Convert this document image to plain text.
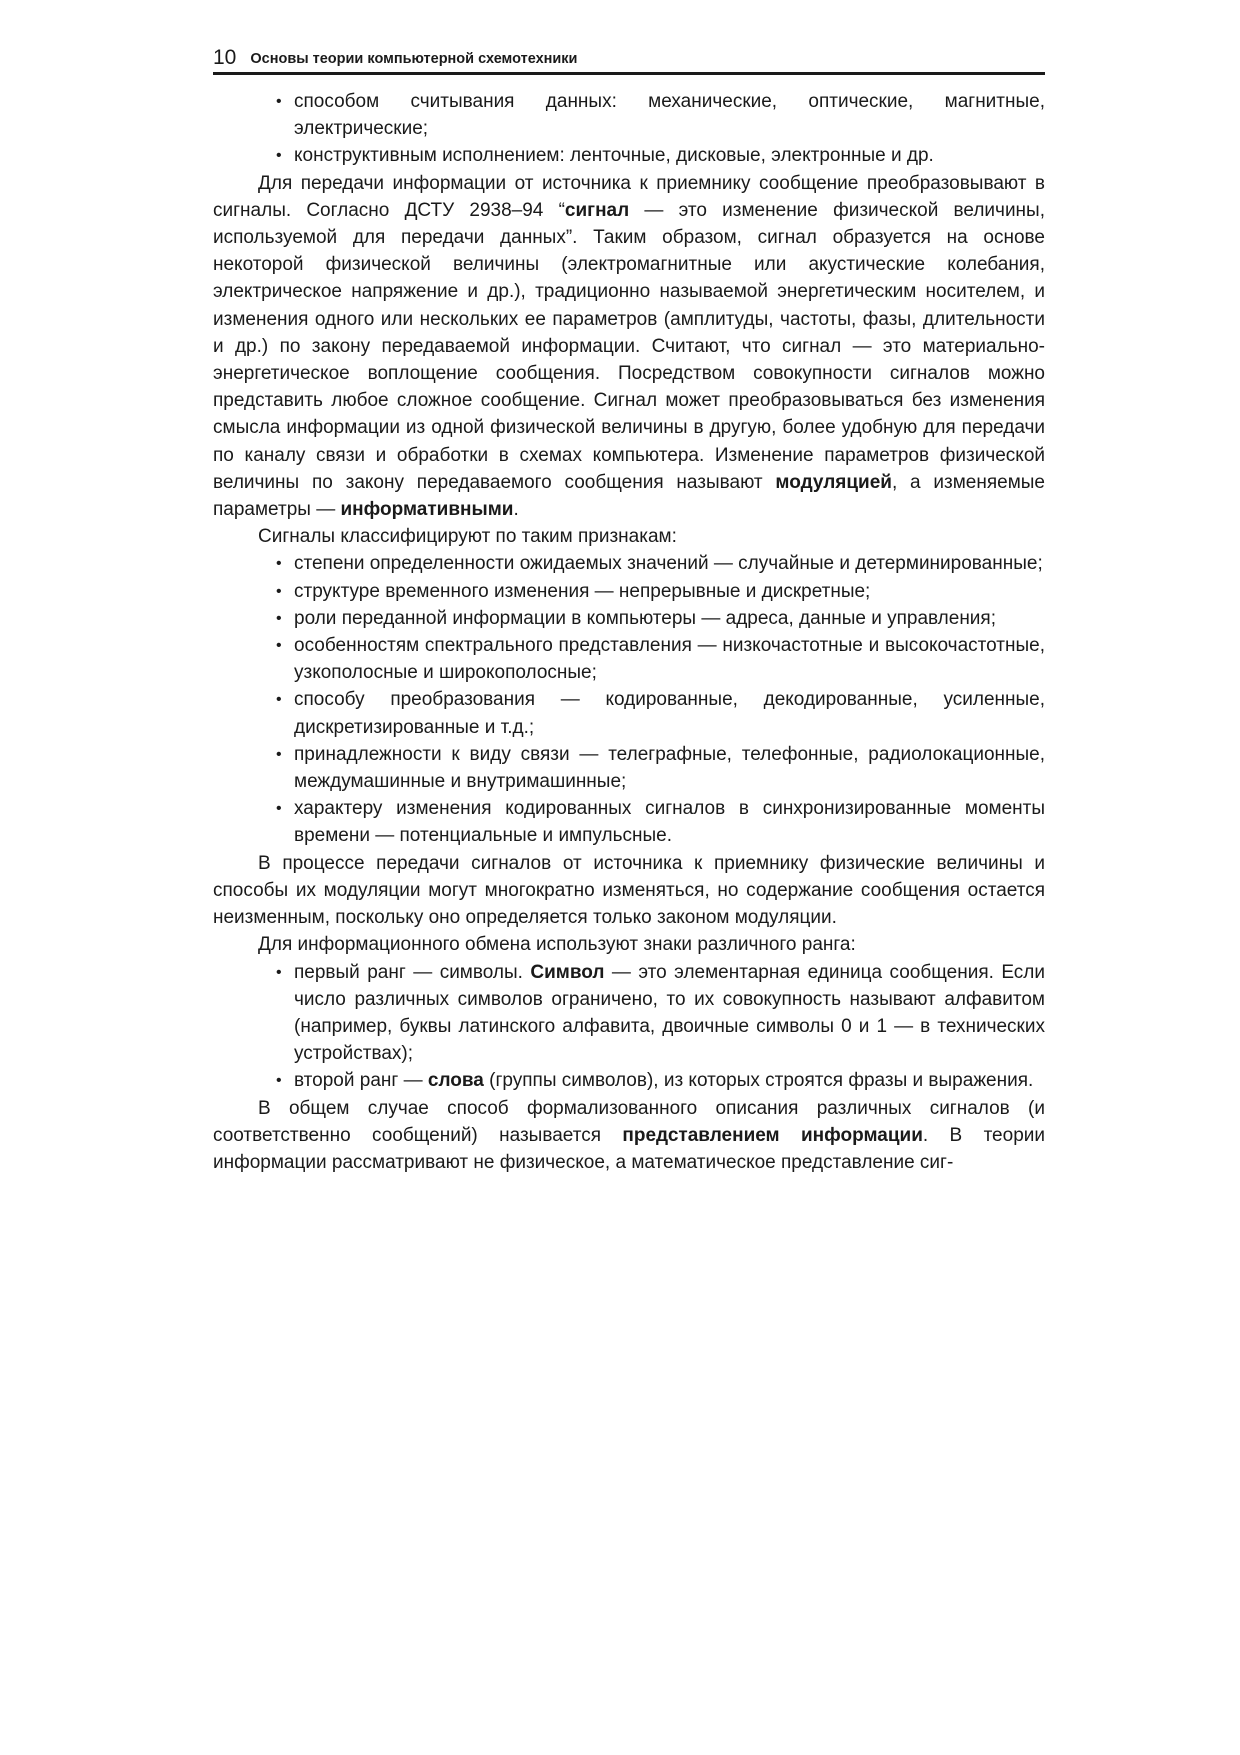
10 Основы теории компьютерной схемотехники
• способом считывания данных: механические, оптические, магнитные, электрические;
• конструктивным исполнением: ленточные, дисковые, электронные и др.

Для передачи информации от источника к приемнику сообщение преобразовывают в сигналы. Согласно ДСТУ 2938–94 “сигнал — это изменение физической величины, используемой для передачи данных”. Таким образом, сигнал образуется на основе некоторой физической величины (электромагнитные или акустические колебания, электрическое напряжение и др.), традиционно называемой энергетическим носителем, и изменения одного или нескольких ее параметров (амплитуды, частоты, фазы, длительности и др.) по закону передаваемой информации. Считают, что сигнал — это материально-энергетическое воплощение сообщения. Посредством совокупности сигналов можно представить любое сложное сообщение. Сигнал может преобразовываться без изменения смысла информации из одной физической величины в другую, более удобную для передачи по каналу связи и обработки в схемах компьютера. Изменение параметров физической величины по закону передаваемого сообщения называют модуляцией, а изменяемые параметры — информативными.

Сигналы классифицируют по таким признакам:

• степени определенности ожидаемых значений — случайные и детерминированные;
• структуре временного изменения — непрерывные и дискретные;
• роли переданной информации в компьютеры — адреса, данные и управления;
• особенностям спектрального представления — низкочастотные и высокочастотные, узкополосные и широкополосные;
• способу преобразования — кодированные, декодированные, усиленные, дискретизированные и т.д.;
• принадлежности к виду связи — телеграфные, телефонные, радиолокационные, междумашинные и внутримашинные;
• характеру изменения кодированных сигналов в синхронизированные моменты времени — потенциальные и импульсные.

В процессе передачи сигналов от источника к приемнику физические величины и способы их модуляции могут многократно изменяться, но содержание сообщения остается неизменным, поскольку оно определяется только законом модуляции.

Для информационного обмена используют знаки различного ранга:

• первый ранг — символы. Символ — это элементарная единица сообщения. Если число различных символов ограничено, то их совокупность называют алфавитом (например, буквы латинского алфавита, двоичные символы 0 и 1 — в технических устройствах);
• второй ранг — слова (группы символов), из которых строятся фразы и выражения.

В общем случае способ формализованного описания различных сигналов (и соответственно сообщений) называется представлением информации. В теории информации рассматривают не физическое, а математическое представление сиг-
